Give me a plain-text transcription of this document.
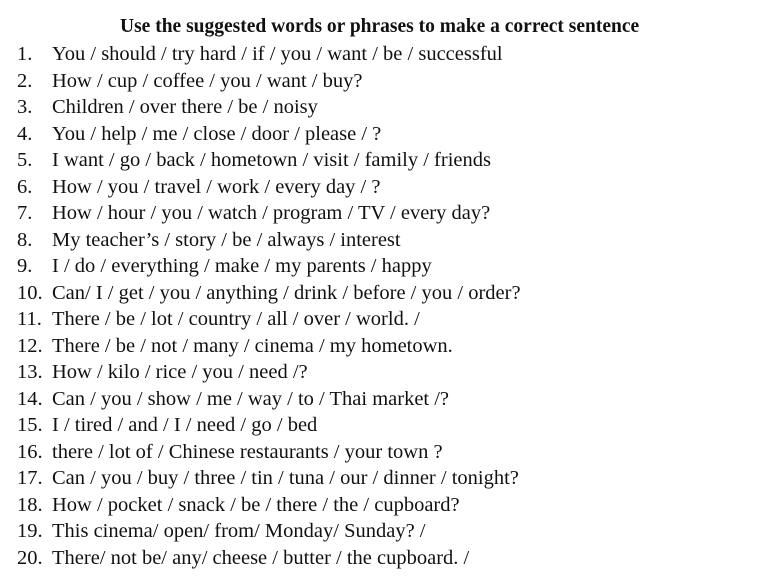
Use the suggested words or phrases to make a correct sentence
1. You / should / try hard / if / you / want / be / successful
2. How / cup / coffee / you / want / buy?
3. Children / over there / be / noisy
4. You / help / me / close / door / please / ?
5. I want / go / back / hometown / visit / family / friends
6. How / you / travel / work / every day / ?
7. How / hour / you / watch / program / TV / every day?
8. My teacher’s / story / be / always / interest
9. I / do / everything / make / my parents / happy
10. Can/ I / get / you / anything / drink / before / you / order?
11. There / be / lot / country / all / over / world. /
12. There / be / not / many / cinema / my hometown.
13. How / kilo / rice / you / need /?
14. Can / you / show / me / way / to / Thai market /?
15. I / tired / and / I / need / go / bed
16. there / lot of / Chinese restaurants / your town ?
17. Can / you / buy / three / tin / tuna / our / dinner / tonight?
18. How / pocket / snack / be / there / the / cupboard?
19. This cinema/ open/ from/ Monday/ Sunday? /
20. There/ not be/ any/ cheese / butter / the cupboard. /
